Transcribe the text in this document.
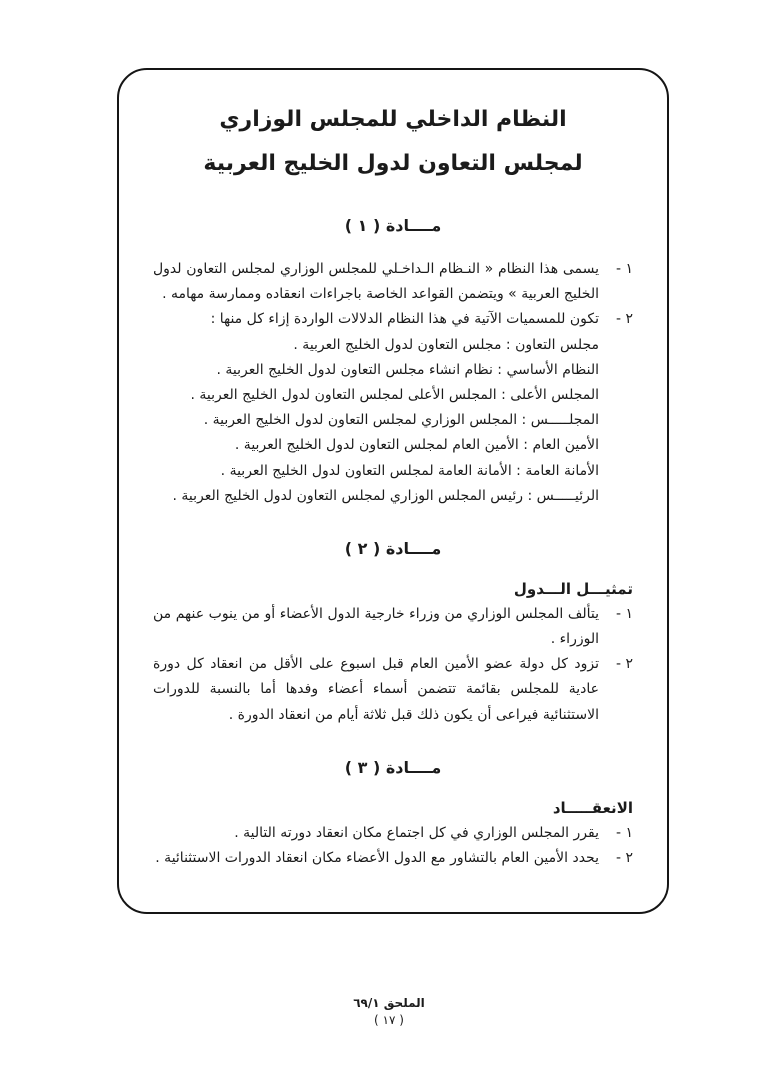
النظام الداخلي للمجلس الوزاري
لمجلس التعاون لدول الخليج العربية
مــــادة ( ١ )
١ -
يسمى هذا النظام « النـظام الـداخـلي للمجلس الوزاري لمجلس التعاون لدول الخليج العربية » ويتضمن القواعد الخاصة باجراءات انعقاده وممارسة مهامه .
٢ -
تكون للمسميات الآتية في هذا النظام الدلالات الواردة إزاء كل منها :
مجلس التعاون : مجلس التعاون لدول الخليج العربية .
النظام الأساسي : نظام انشاء مجلس التعاون لدول الخليج العربية .
المجلس الأعلى : المجلس الأعلى لمجلس التعاون لدول الخليج العربية .
المجلـــــس : المجلس الوزاري لمجلس التعاون لدول الخليج العربية .
الأمين العام : الأمين العام لمجلس التعاون لدول الخليج العربية .
الأمانة العامة : الأمانة العامة لمجلس التعاون لدول الخليج العربية .
الرئيـــــس : رئيس المجلس الوزاري لمجلس التعاون لدول الخليج العربية .
مــــادة ( ٢ )
تمثيـــل الـــدول
١ -
يتألف المجلس الوزاري من وزراء خارجية الدول الأعضاء أو من ينوب عنهم من الوزراء .
٢ -
تزود كل دولة عضو الأمين العام قبل اسبوع على الأقل من انعقاد كل دورة عادية للمجلس بقائمة تتضمن أسماء أعضاء وفدها أما بالنسبة للدورات الاستثنائية فيراعى أن يكون ذلك قبل ثلاثة أيام من انعقاد الدورة .
مــــادة ( ٣ )
الانعقـــــاد
١ -
يقرر المجلس الوزاري في كل اجتماع مكان انعقاد دورته التالية .
٢ -
يحدد الأمين العام بالتشاور مع الدول الأعضاء مكان انعقاد الدورات الاستثنائية .
الملحق ٦٩/١
( ١٧ )
